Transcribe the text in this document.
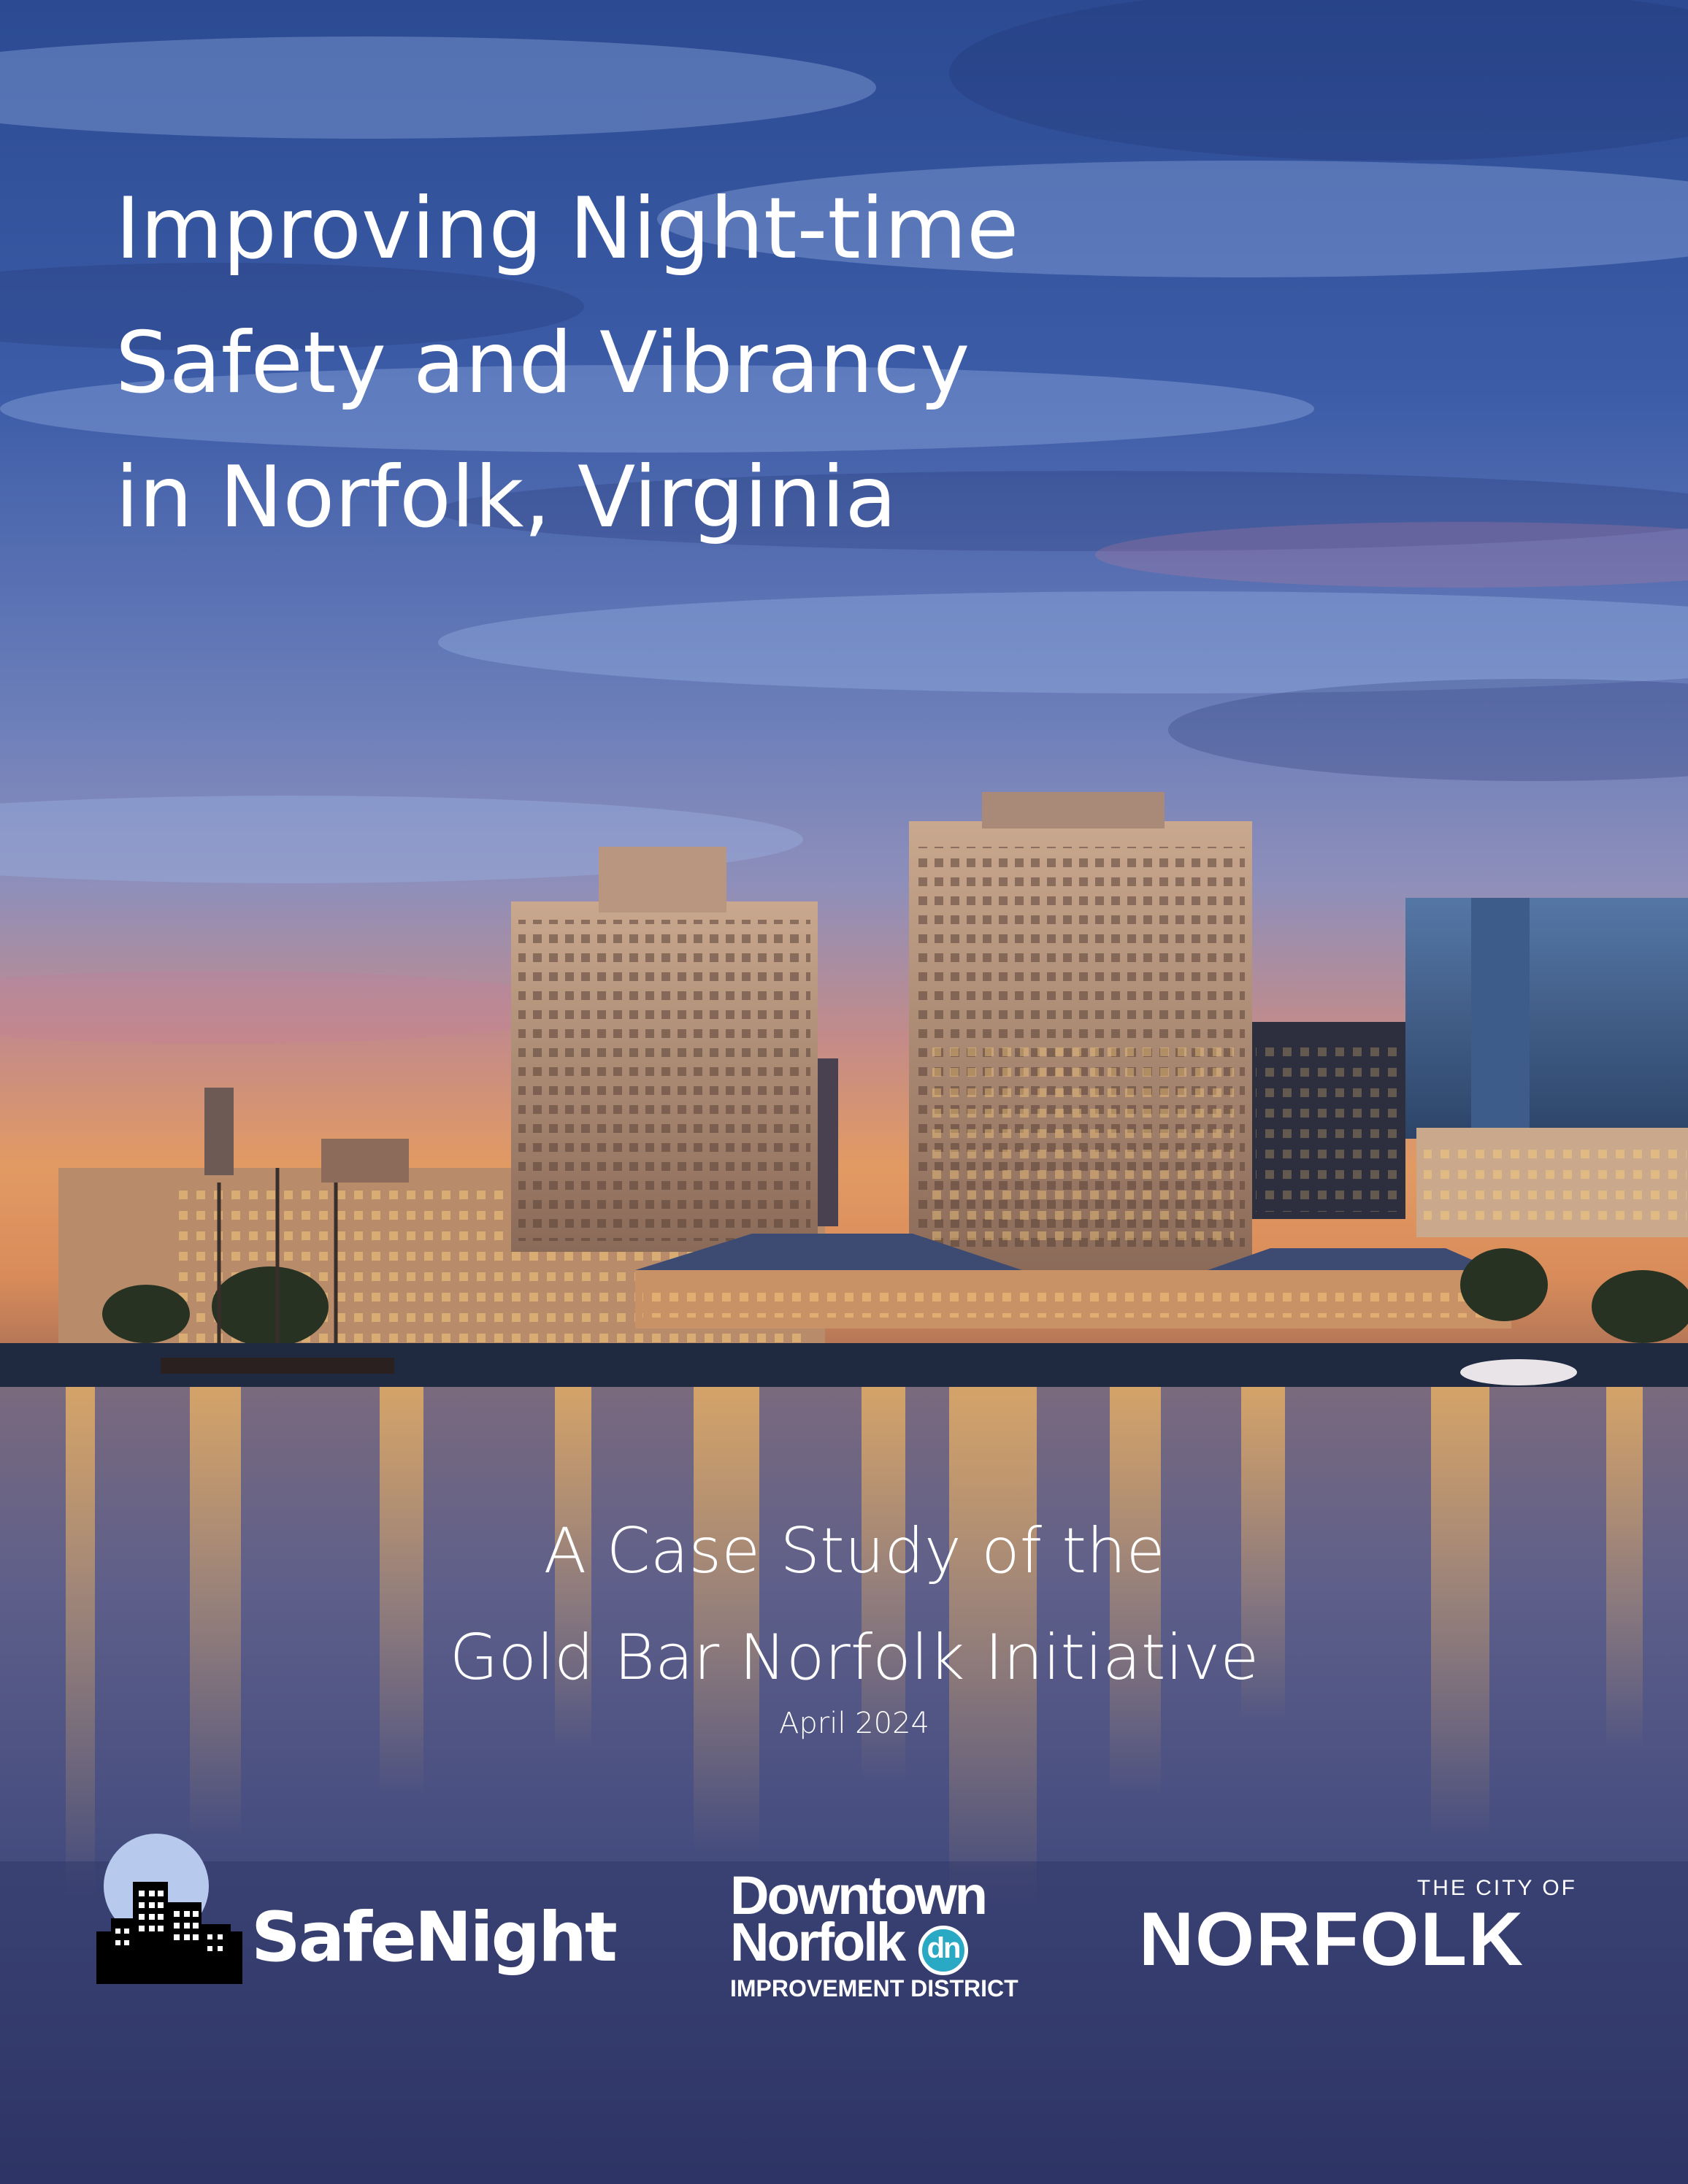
Improving Night-time
Safety and Vibrancy
in Norfolk, Virginia
A Case Study of the
Gold Bar Norfolk Initiative
April 2024
SafeNight
Downtown
Norfolk dn
IMPROVEMENT DISTRICT
THE CITY OF
NORFOLK
